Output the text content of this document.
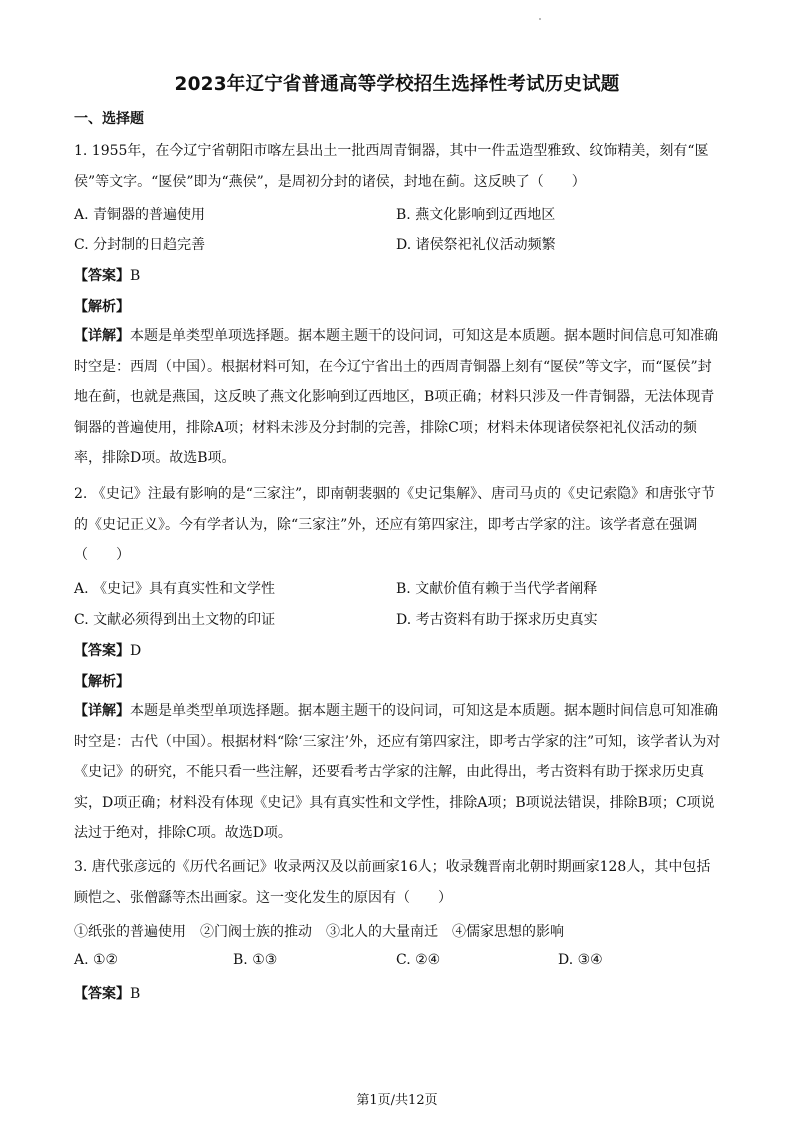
2023年辽宁省普通高等学校招生选择性考试历史试题
一、选择题
1. 1955年，在今辽宁省朝阳市喀左县出土一批西周青铜器，其中一件盂造型雅致、纹饰精美，刻有“匽侯”等文字。“匽侯”即为“燕侯”，是周初分封的诸侯，封地在蓟。这反映了（　　）
A. 青铜器的普遍使用	B. 燕文化影响到辽西地区
C. 分封制的日趋完善	D. 诸侯祭祀礼仪活动频繁
【答案】B
【解析】
【详解】本题是单类型单项选择题。据本题主题干的设问词，可知这是本质题。据本题时间信息可知准确时空是：西周（中国）。根据材料可知，在今辽宁省出土的西周青铜器上刻有“匽侯”等文字，而“匽侯”封地在蓟，也就是燕国，这反映了燕文化影响到辽西地区，B项正确；材料只涉及一件青铜器，无法体现青铜器的普遍使用，排除A项；材料未涉及分封制的完善，排除C项；材料未体现诸侯祭祀礼仪活动的频率，排除D项。故选B项。
2. 《史记》注最有影响的是“三家注”，即南朝裴骃的《史记集解》、唐司马贞的《史记索隐》和唐张守节的《史记正义》。今有学者认为，除“三家注”外，还应有第四家注，即考古学家的注。该学者意在强调（　　）
A. 《史记》具有真实性和文学性	B. 文献价值有赖于当代学者阐释
C. 文献必须得到出土文物的印证	D. 考古资料有助于探求历史真实
【答案】D
【解析】
【详解】本题是单类型单项选择题。据本题主题干的设问词，可知这是本质题。据本题时间信息可知准确时空是：古代（中国）。根据材料“除‘三家注’外，还应有第四家注，即考古学家的注”可知，该学者认为对《史记》的研究，不能只看一些注解，还要看考古学家的注解，由此得出，考古资料有助于探求历史真实，D项正确；材料没有体现《史记》具有真实性和文学性，排除A项；B项说法错误，排除B项；C项说法过于绝对，排除C项。故选D项。
3. 唐代张彦远的《历代名画记》收录两汉及以前画家16人；收录魏晋南北朝时期画家128人，其中包括顾恺之、张僧繇等杰出画家。这一变化发生的原因有（　　）
①纸张的普遍使用　②门阀士族的推动　③北人的大量南迁　④儒家思想的影响
A. ①②	B. ①③	C. ②④	D. ③④
【答案】B
第1页/共12页
